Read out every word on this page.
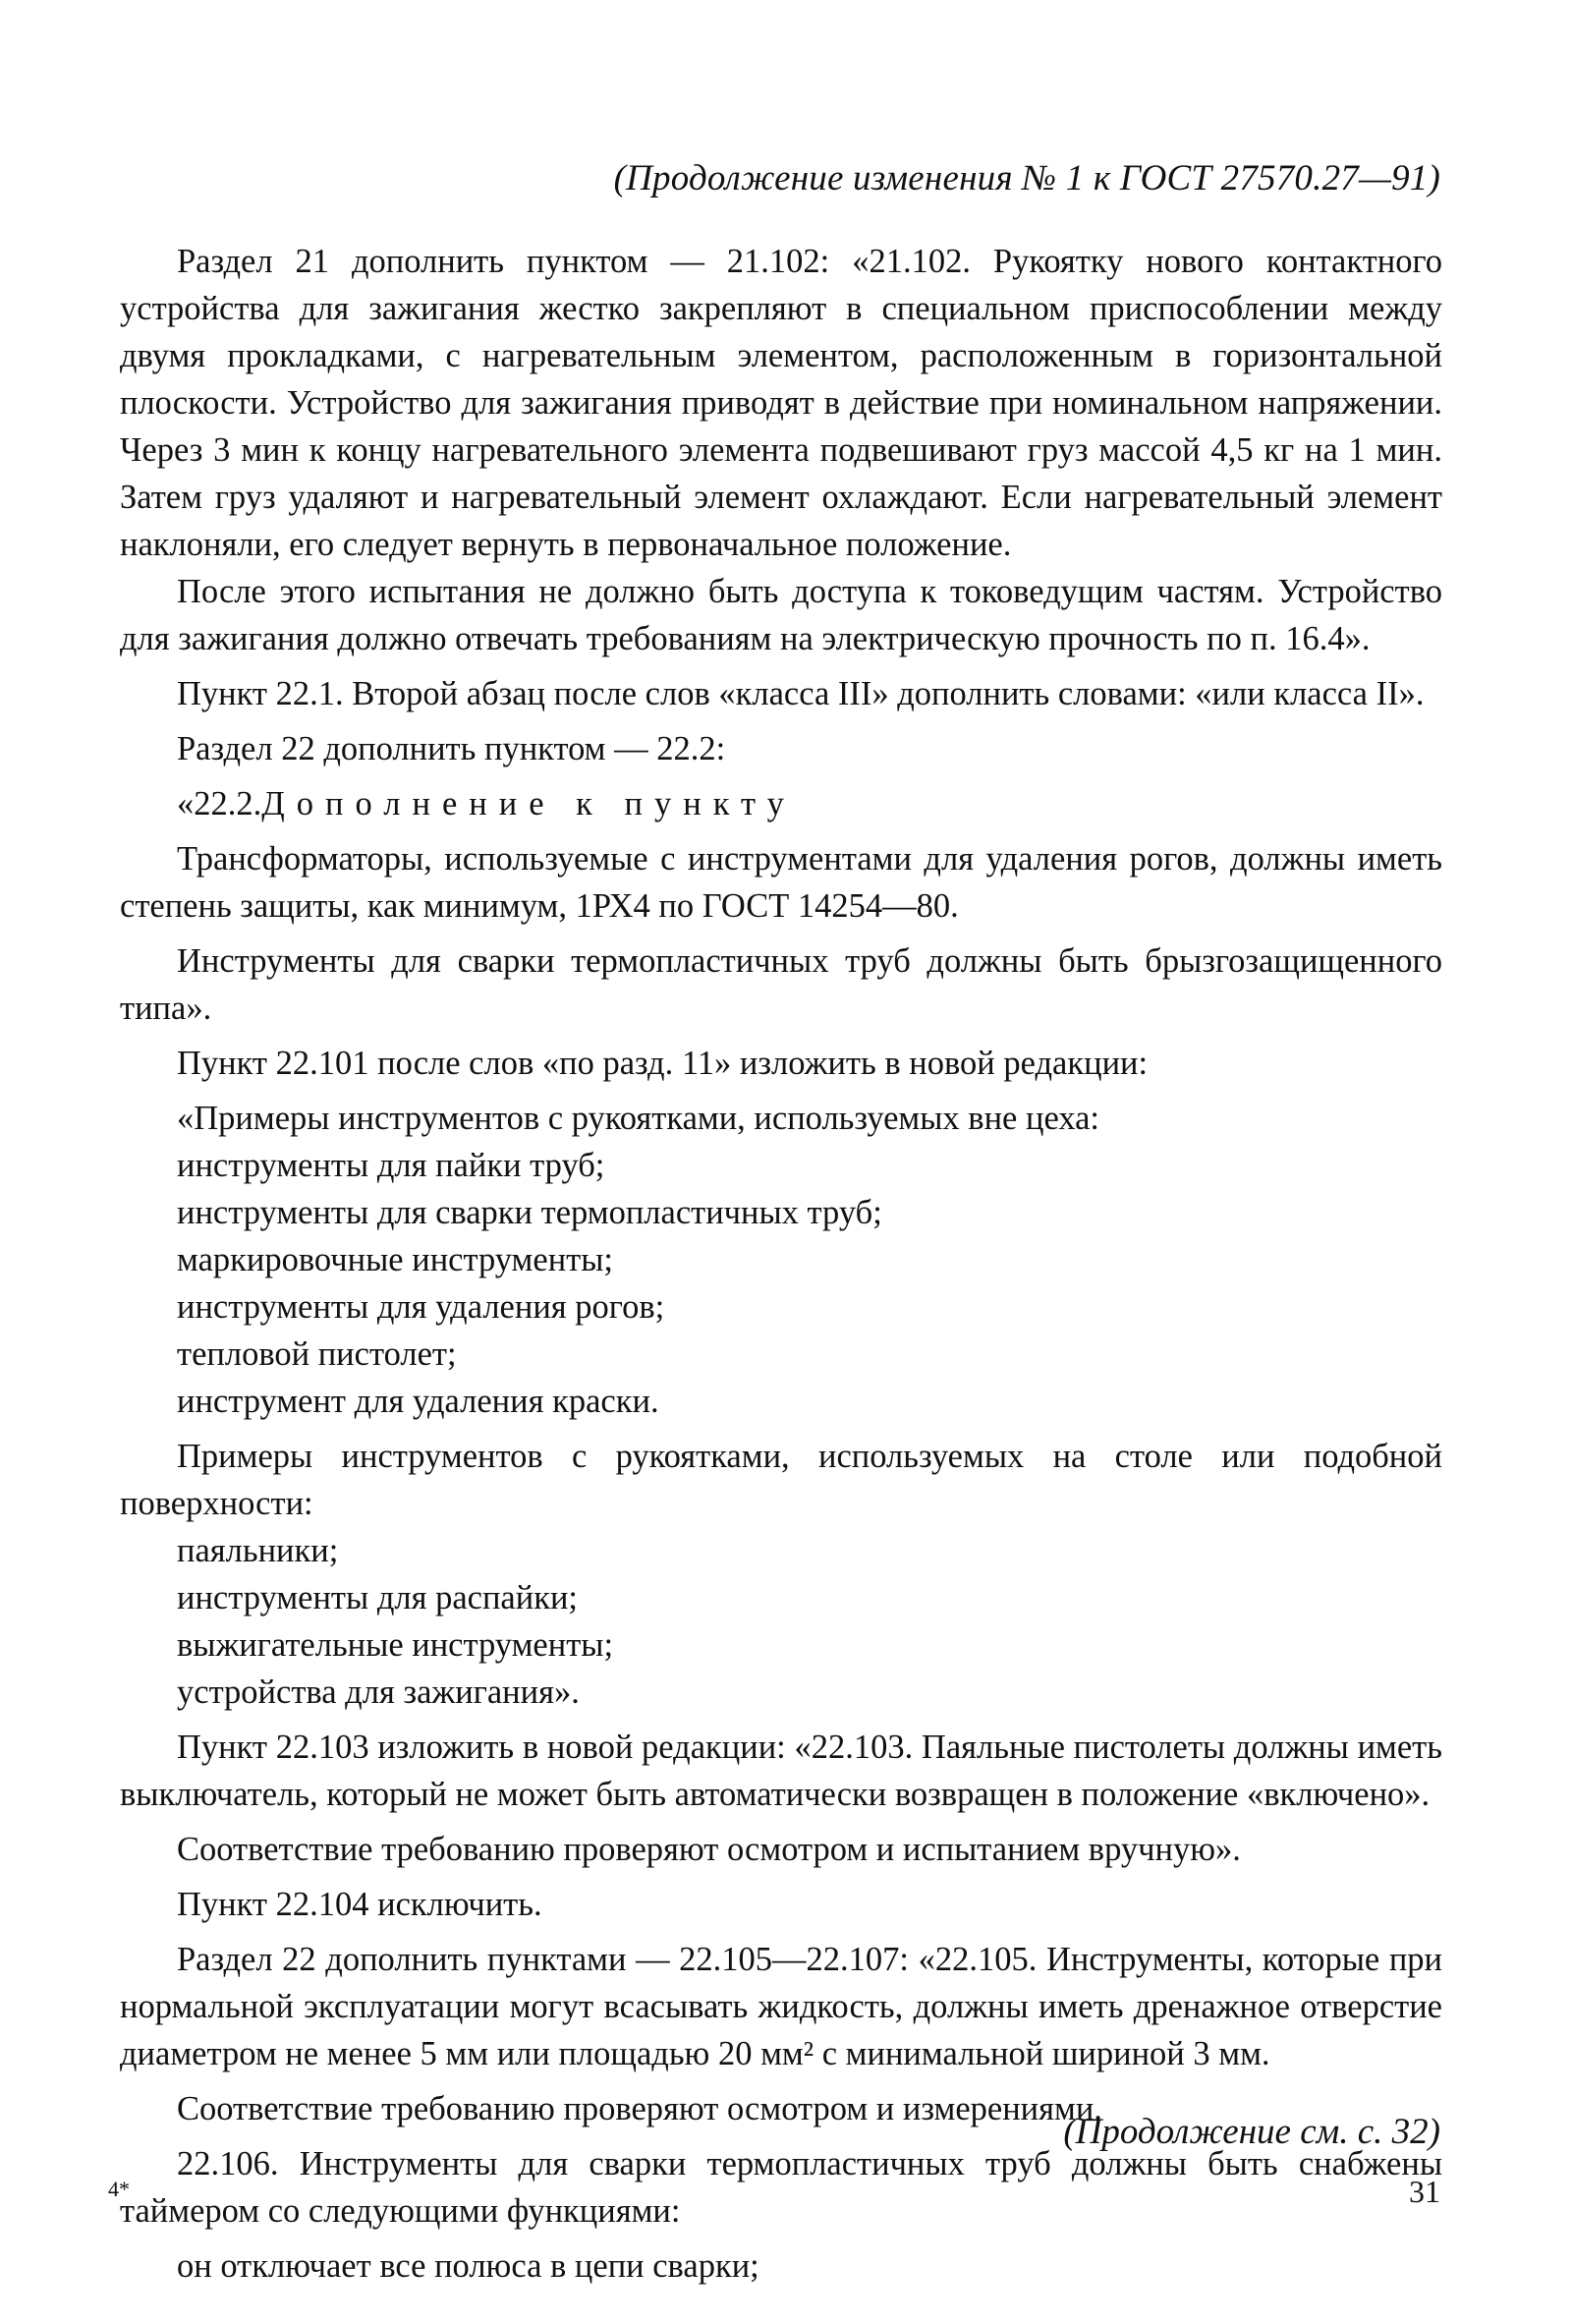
(Продолжение изменения № 1 к ГОСТ 27570.27—91)

Раздел 21 дополнить пунктом — 21.102: «21.102. Рукоятку нового контактного устройства для зажигания жестко закрепляют в специальном приспособлении между двумя прокладками, с нагревательным элементом, расположенным в горизонтальной плоскости. Устройство для зажигания приводят в действие при номинальном напряжении. Через 3 мин к концу нагревательного элемента подвешивают груз массой 4,5 кг на 1 мин. Затем груз удаляют и нагревательный элемент охлаждают. Если нагревательный элемент наклоняли, его следует вернуть в первоначальное положение.

После этого испытания не должно быть доступа к токоведущим частям. Устройство для зажигания должно отвечать требованиям на электрическую прочность по п. 16.4».

Пункт 22.1. Второй абзац после слов «класса III» дополнить словами: «или класса II».

Раздел 22 дополнить пунктом — 22.2:

«22.2.Дополнение к пункту

Трансформаторы, используемые с инструментами для удаления рогов, должны иметь степень защиты, как минимум, 1РХ4 по ГОСТ 14254—80.

Инструменты для сварки термопластичных труб должны быть брызгозащищенного типа».

Пункт 22.101 после слов «по разд. 11» изложить в новой редакции:

«Примеры инструментов с рукоятками, используемых вне цеха:

инструменты для пайки труб;

инструменты для сварки термопластичных труб;

маркировочные инструменты;

инструменты для удаления рогов;

тепловой пистолет;

инструмент для удаления краски.

Примеры инструментов с рукоятками, используемых на столе или подобной поверхности:

паяльники;

инструменты для распайки;

выжигательные инструменты;

устройства для зажигания».

Пункт 22.103 изложить в новой редакции: «22.103. Паяльные пистолеты должны иметь выключатель, который не может быть автоматически возвращен в положение «включено».

Соответствие требованию проверяют осмотром и испытанием вручную».

Пункт 22.104 исключить.

Раздел 22 дополнить пунктами — 22.105—22.107: «22.105. Инструменты, которые при нормальной эксплуатации могут всасывать жидкость, должны иметь дренажное отверстие диаметром не менее 5 мм или площадью 20 мм² с минимальной шириной 3 мм.

Соответствие требованию проверяют осмотром и измерениями.

22.106. Инструменты для сварки термопластичных труб должны быть снабжены таймером со следующими функциями:

он отключает все полюса в цепи сварки;

(Продолжение см. с. 32)
4*	31
